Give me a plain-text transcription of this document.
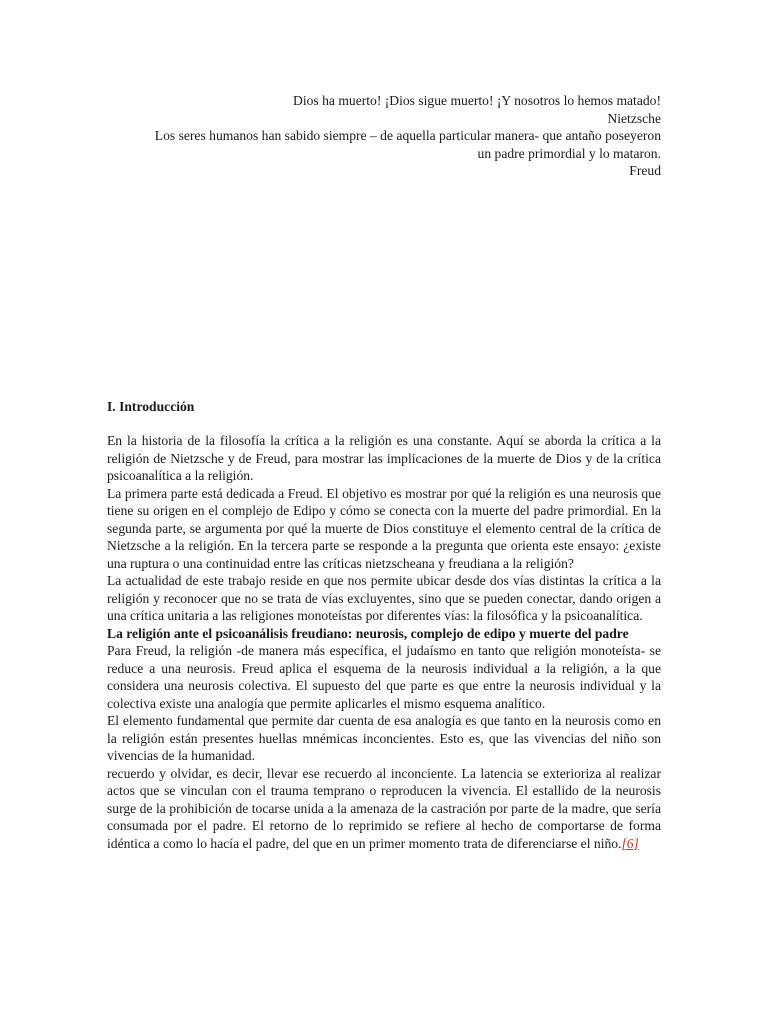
Dios ha muerto! ¡Dios sigue muerto! ¡Y nosotros lo hemos matado!
Nietzsche
Los seres humanos han sabido siempre – de aquella particular manera- que antaño poseyeron
un padre primordial y lo mataron.
Freud
I. Introducción

En la historia de la filosofía la crítica a la religión es una constante. Aquí se aborda la crítica a la religión de Nietzsche y de Freud, para mostrar las implicaciones de la muerte de Dios y de la crítica psicoanalítica a la religión.

La primera parte está dedicada a Freud. El objetivo es mostrar por qué la religión es una neurosis que tiene su origen en el complejo de Edipo y cómo se conecta con la muerte del padre primordial. En la segunda parte, se argumenta por qué la muerte de Dios constituye el elemento central de la crítica de Nietzsche a la religión. En la tercera parte se responde a la pregunta que orienta este ensayo: ¿existe una ruptura o una continuidad entre las críticas nietzscheana y freudiana a la religión?

La actualidad de este trabajo reside en que nos permite ubicar desde dos vías distintas la crítica a la religión y reconocer que no se trata de vías excluyentes, sino que se pueden conectar, dando origen a una crítica unitaria a las religiones monoteístas por diferentes vías: la filosófica y la psicoanalítica.

La religión ante el psicoanálisis freudiano: neurosis, complejo de edipo y muerte del padre

Para Freud, la religión -de manera más específica, el judaísmo en tanto que religión monoteísta- se reduce a una neurosis. Freud aplica el esquema de la neurosis individual a la religión, a la que considera una neurosis colectiva. El supuesto del que parte es que entre la neurosis individual y la colectiva existe una analogía que permite aplicarles el mismo esquema analítico.

El elemento fundamental que permite dar cuenta de esa analogía es que tanto en la neurosis como en la religión están presentes huellas mnémicas inconcientes. Esto es, que las vivencias del niño son vivencias de la humanidad.

recuerdo y olvidar, es decir, llevar ese recuerdo al inconciente. La latencia se exterioriza al realizar actos que se vinculan con el trauma temprano o reproducen la vivencia. El estallido de la neurosis surge de la prohibición de tocarse unida a la amenaza de la castración por parte de la madre, que sería consumada por el padre. El retorno de lo reprimido se refiere al hecho de comportarse de forma idéntica a como lo hacía el padre, del que en un primer momento trata de diferenciarse el niño.[6]
